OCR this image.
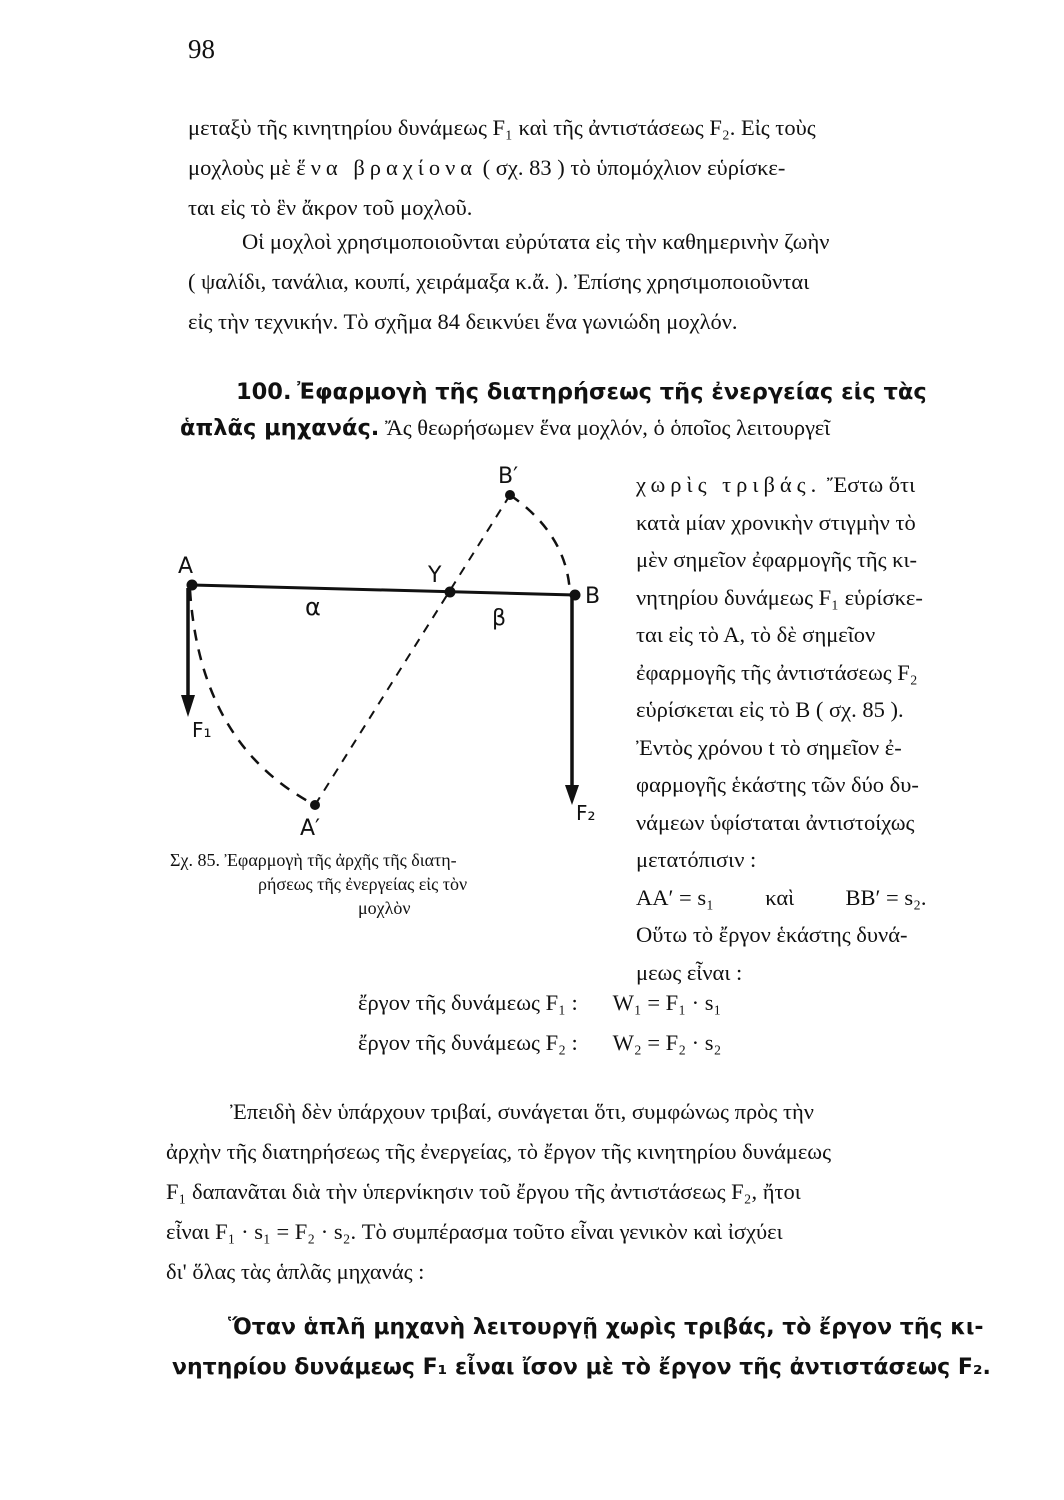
98
μεταξὺ τῆς κινητηρίου δυνάμεως F₁ καὶ τῆς ἀντιστάσεως F₂. Εἰς τοὺς
μοχλοὺς μὲ ἕνα βραχίονα ( σχ. 83 ) τὸ ὑπομόχλιον εὑρίσκε-
ται εἰς τὸ ἓν ἄκρον τοῦ μοχλοῦ.
Οἱ μοχλοὶ χρησιμοποιοῦνται εὐρύτατα εἰς τὴν καθημερινὴν ζωὴν
( ψαλίδι, τανάλια, κουπί, χειράμαξα κ.ἄ. ). Ἐπίσης χρησιμοποιοῦνται
εἰς τὴν τεχνικήν. Τὸ σχῆμα 84 δεικνύει ἕνα γωνιώδη μοχλόν.
100. Ἐφαρμογὴ τῆς διατηρήσεως τῆς ἐνεργείας εἰς τὰς
ἁπλᾶς μηχανάς. Ἄς θεωρήσωμεν ἕνα μοχλόν, ὁ ὁποῖος λειτουργεῖ
A	Y
B
B′
A′
α	β
F₁
F₂
Σχ. 85. Ἐφαρμογὴ τῆς ἀρχῆς τῆς διατη-
ρήσεως τῆς ἐνεργείας εἰς τὸν
μοχλὸν
χωρὶς τριβάς. Ἔστω ὅτι
κατὰ μίαν χρονικὴν στιγμὴν τὸ
μὲν σημεῖον ἐφαρμογῆς τῆς κι-
νητηρίου δυνάμεως F₁ εὑρίσκε-
ται εἰς τὸ Α, τὸ δὲ σημεῖον
ἐφαρμογῆς τῆς ἀντιστάσεως F₂
εὑρίσκεται εἰς τὸ Β ( σχ. 85 ).
Ἐντὸς χρόνου t τὸ σημεῖον ἐ-
φαρμογῆς ἑκάστης τῶν δύο δυ-
νάμεων ὑφίσταται ἀντιστοίχως
μετατόπισιν :
ΑΑ′ = s₁ καὶ ΒΒ′ = s₂.
Οὕτω τὸ ἔργον ἑκάστης δυνά-
μεως εἶναι :
ἔργον τῆς δυνάμεως F₁ : W₁ = F₁ · s₁
ἔργον τῆς δυνάμεως F₂ : W₂ = F₂ · s₂
Ἐπειδὴ δὲν ὑπάρχουν τριβαί, συνάγεται ὅτι, συμφώνως πρὸς τὴν
ἀρχὴν τῆς διατηρήσεως τῆς ἐνεργείας, τὸ ἔργον τῆς κινητηρίου δυνάμεως
F₁ δαπανᾶται διὰ τὴν ὑπερνίκησιν τοῦ ἔργου τῆς ἀντιστάσεως F₂, ἤτοι
εἶναι F₁ · s₁ = F₂ · s₂. Τὸ συμπέρασμα τοῦτο εἶναι γενικὸν καὶ ἰσχύει
δι' ὅλας τὰς ἁπλᾶς μηχανάς :
Ὅταν ἁπλῆ μηχανὴ λειτουργῇ χωρὶς τριβάς, τὸ ἔργον τῆς κι-
νητηρίου δυνάμεως F₁ εἶναι ἴσον μὲ τὸ ἔργον τῆς ἀντιστάσεως F₂.
